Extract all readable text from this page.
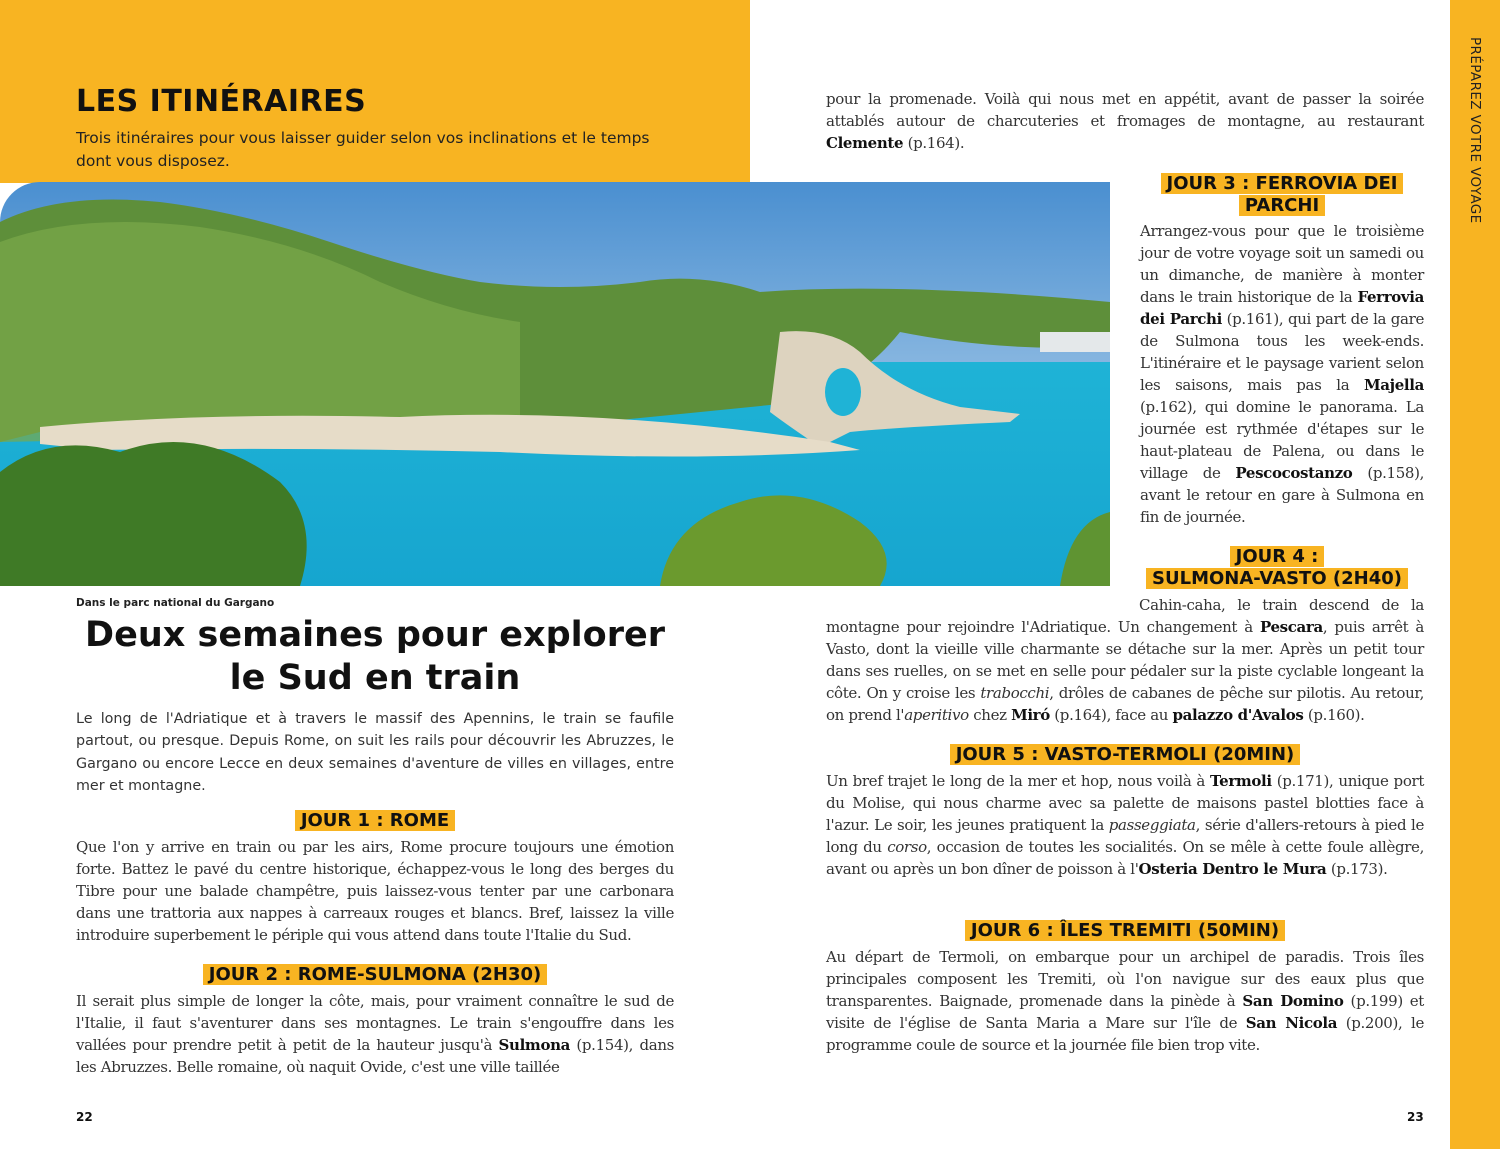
LES ITINÉRAIRES
Trois itinéraires pour vous laisser guider selon vos inclinations et le temps dont vous disposez.
Dans le parc national du Gargano
Deux semaines pour explorer
le Sud en train
Le long de l'Adriatique et à travers le massif des Apennins, le train se faufile partout, ou presque. Depuis Rome, on suit les rails pour découvrir les Abruzzes, le Gargano ou encore Lecce en deux semaines d'aventure de villes en villages, entre mer et montagne.
JOUR 1 : ROME
Que l'on y arrive en train ou par les airs, Rome procure toujours une émotion forte. Battez le pavé du centre historique, échappez-vous le long des berges du Tibre pour une balade champêtre, puis laissez-vous tenter par une carbonara dans une trattoria aux nappes à carreaux rouges et blancs. Bref, laissez la ville introduire superbement le périple qui vous attend dans toute l'Italie du Sud.
JOUR 2 : ROME-SULMONA (2H30)
Il serait plus simple de longer la côte, mais, pour vraiment connaître le sud de l'Italie, il faut s'aventurer dans ses montagnes. Le train s'engouffre dans les vallées pour prendre petit à petit de la hauteur jusqu'à Sulmona (p.154), dans les Abruzzes. Belle romaine, où naquit Ovide, c'est une ville taillée
22
pour la promenade. Voilà qui nous met en appétit, avant de passer la soirée attablés autour de charcuteries et fromages de montagne, au restaurant Clemente (p.164).
JOUR 3 : FERROVIA DEI PARCHI
Arrangez-vous pour que le troisième jour de votre voyage soit un samedi ou un dimanche, de manière à monter dans le train historique de la Ferrovia dei Parchi (p.161), qui part de la gare de Sulmona tous les week-ends. L'itinéraire et le paysage varient selon les saisons, mais pas la Majella (p.162), qui domine le panorama. La journée est rythmée d'étapes sur le haut-plateau de Palena, ou dans le village de Pescocostanzo (p.158), avant le retour en gare à Sulmona en fin de journée.
JOUR 4 :
SULMONA-VASTO (2H40)
Cahin-caha, le train descend de la montagne pour rejoindre l'Adriatique. Un changement à Pescara, puis arrêt à Vasto, dont la vieille ville charmante se détache sur la mer. Après un petit tour dans ses ruelles, on se met en selle pour pédaler sur la piste cyclable longeant la côte. On y croise les trabocchi, drôles de cabanes de pêche sur pilotis. Au retour, on prend l'aperitivo chez Miró (p.164), face au palazzo d'Avalos (p.160).
JOUR 5 : VASTO-TERMOLI (20MIN)
Un bref trajet le long de la mer et hop, nous voilà à Termoli (p.171), unique port du Molise, qui nous charme avec sa palette de maisons pastel blotties face à l'azur. Le soir, les jeunes pratiquent la passeggiata, série d'allers-retours à pied le long du corso, occasion de toutes les socialités. On se mêle à cette foule allègre, avant ou après un bon dîner de poisson à l'Osteria Dentro le Mura (p.173).
JOUR 6 : ÎLES TREMITI (50MIN)
Au départ de Termoli, on embarque pour un archipel de paradis. Trois îles principales composent les Tremiti, où l'on navigue sur des eaux plus que transparentes. Baignade, promenade dans la pinède à San Domino (p.199) et visite de l'église de Santa Maria a Mare sur l'île de San Nicola (p.200), le programme coule de source et la journée file bien trop vite.
23
PRÉPAREZ VOTRE VOYAGE
